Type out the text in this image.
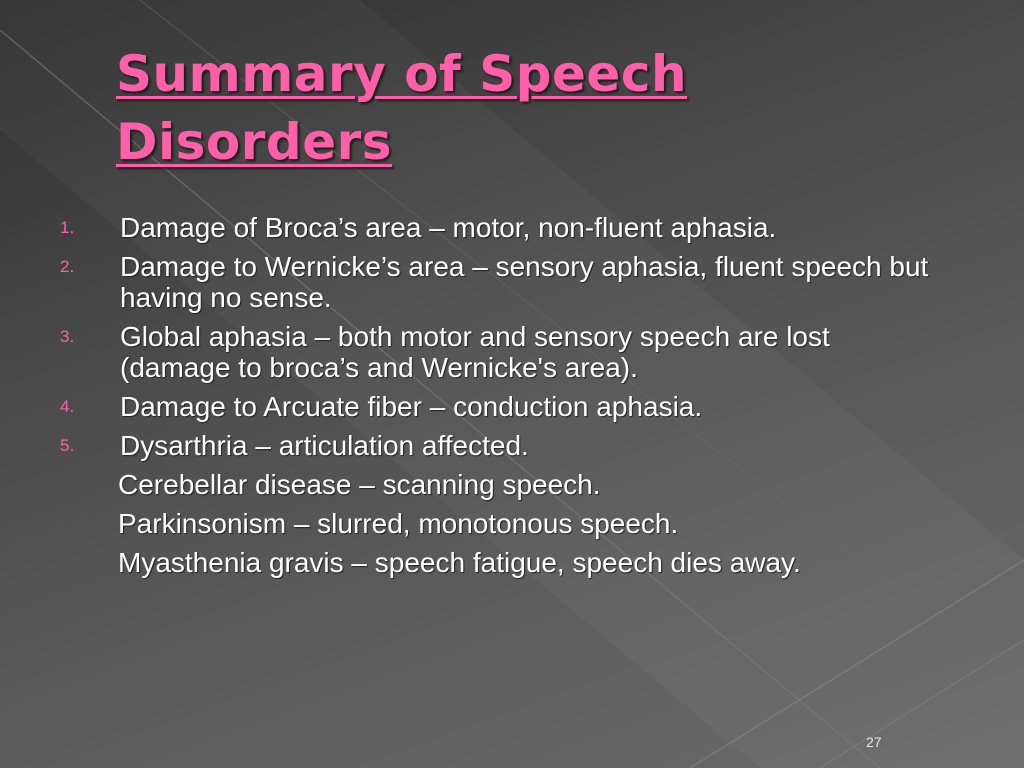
Summary of Speech Disorders
1. Damage of Broca’s area – motor, non-fluent aphasia.
2. Damage to Wernicke’s area – sensory aphasia, fluent speech but having no sense.
3. Global aphasia – both motor and sensory speech are lost (damage to broca’s and Wernicke's area).
4. Damage to Arcuate fiber – conduction aphasia.
5. Dysarthria – articulation affected.
Cerebellar disease – scanning speech.
Parkinsonism – slurred, monotonous speech.
Myasthenia gravis – speech fatigue, speech dies away.
27
